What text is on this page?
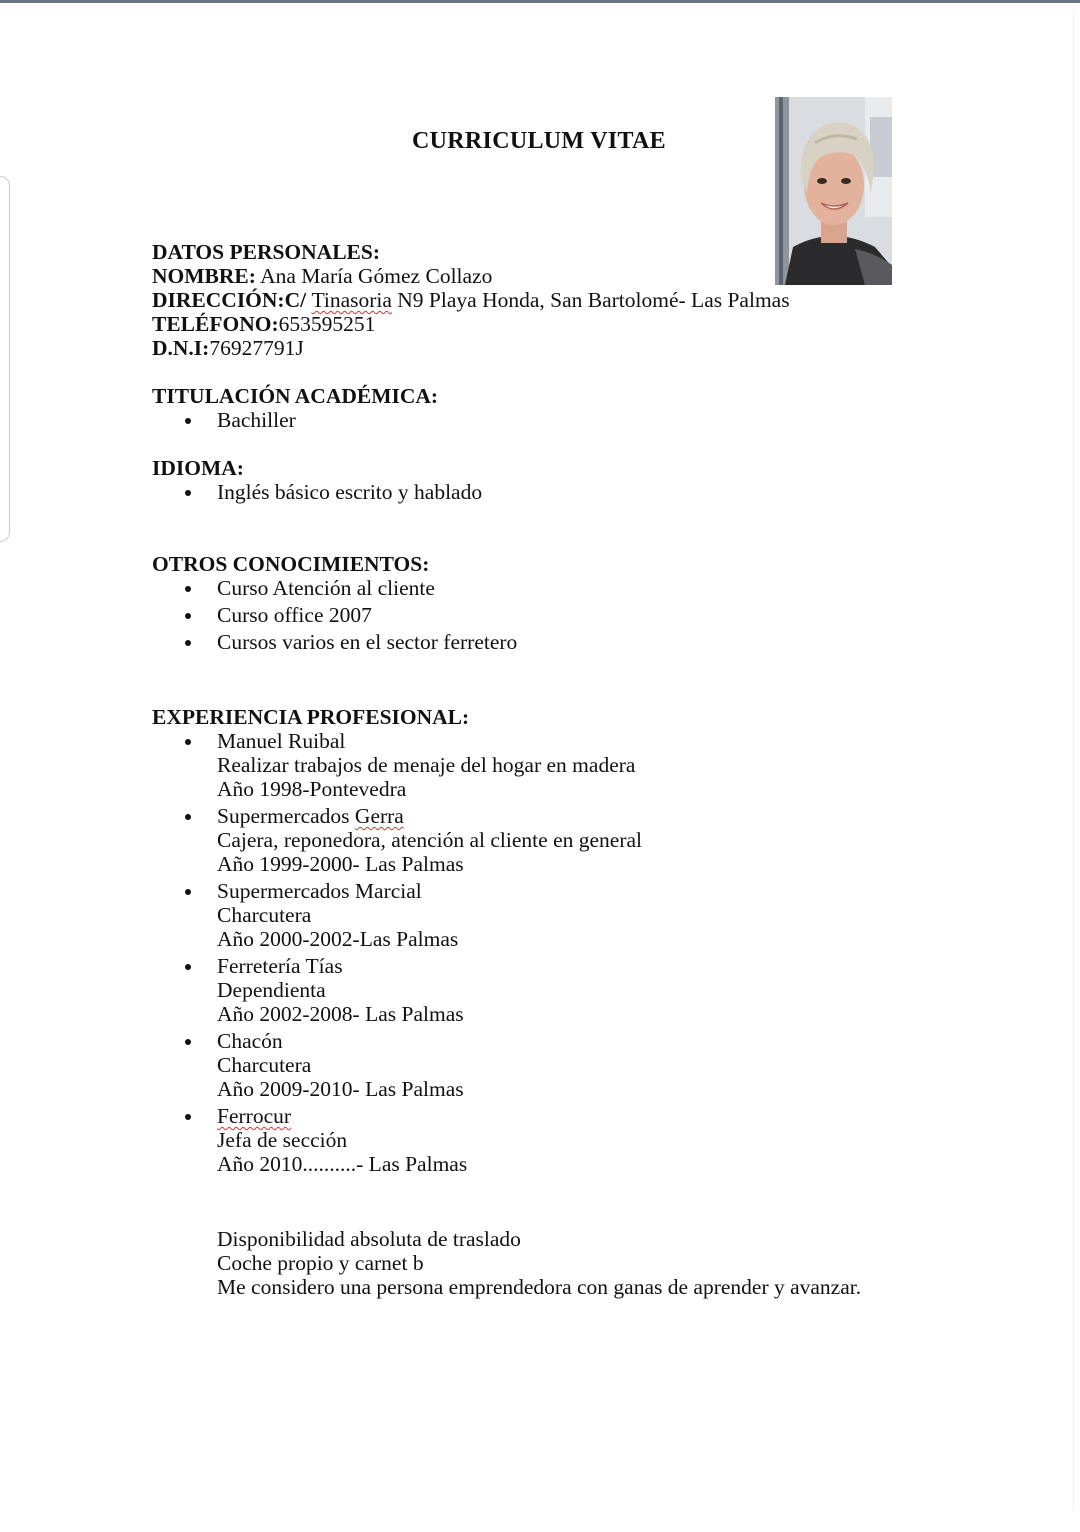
CURRICULUM VITAE
DATOS PERSONALES:
NOMBRE: Ana María Gómez Collazo
DIRECCIÓN:C/ Tinasoria N9 Playa Honda, San Bartolomé- Las Palmas
TELÉFONO:653595251
D.N.I:76927791J
TITULACIÓN ACADÉMICA:
Bachiller
IDIOMA:
Inglés básico escrito y hablado
OTROS CONOCIMIENTOS:
Curso Atención al cliente
Curso office 2007
Cursos varios en el sector ferretero
EXPERIENCIA PROFESIONAL:
Manuel Ruibal
Realizar trabajos de menaje del hogar en madera
Año 1998-Pontevedra
Supermercados Gerra
Cajera, reponedora, atención al cliente en general
Año 1999-2000- Las Palmas
Supermercados Marcial
Charcutera
Año 2000-2002-Las Palmas
Ferretería Tías
Dependienta
Año 2002-2008- Las Palmas
Chacón
Charcutera
Año 2009-2010- Las Palmas
Ferrocur
Jefa de sección
Año 2010..........- Las Palmas
Disponibilidad absoluta de traslado
Coche propio y carnet b
Me considero una persona emprendedora con ganas de aprender y avanzar.
